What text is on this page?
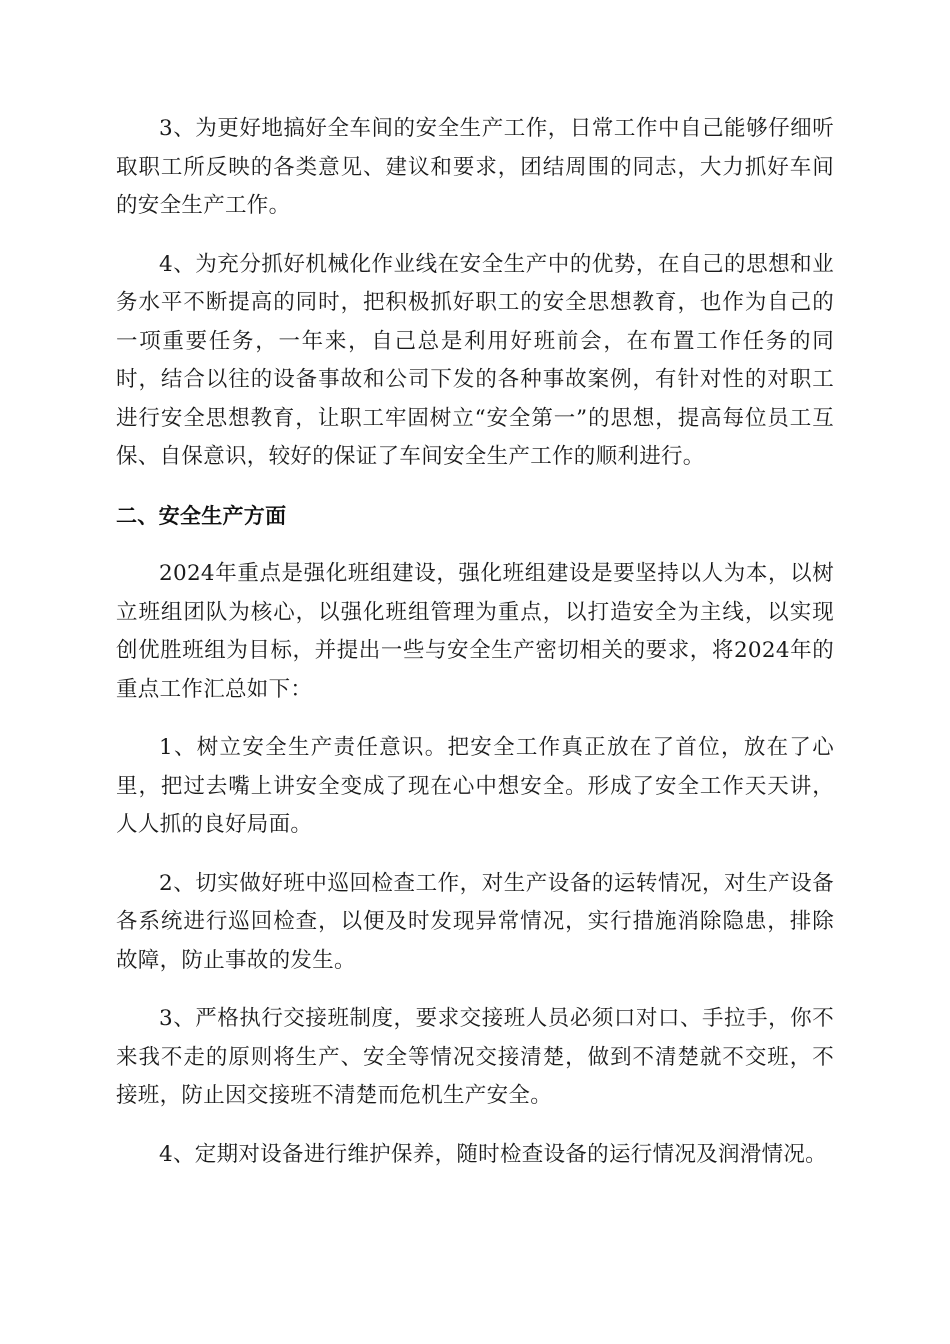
3、为更好地搞好全车间的安全生产工作，日常工作中自己能够仔细听取职工所反映的各类意见、建议和要求，团结周围的同志，大力抓好车间的安全生产工作。

4、为充分抓好机械化作业线在安全生产中的优势，在自己的思想和业务水平不断提高的同时，把积极抓好职工的安全思想教育，也作为自己的一项重要任务，一年来，自己总是利用好班前会，在布置工作任务的同时，结合以往的设备事故和公司下发的各种事故案例，有针对性的对职工进行安全思想教育，让职工牢固树立“安全第一”的思想，提高每位员工互保、自保意识，较好的保证了车间安全生产工作的顺利进行。

二、安全生产方面

2024年重点是强化班组建设，强化班组建设是要坚持以人为本，以树立班组团队为核心，以强化班组管理为重点，以打造安全为主线，以实现创优胜班组为目标，并提出一些与安全生产密切相关的要求，将2024年的重点工作汇总如下：

1、树立安全生产责任意识。把安全工作真正放在了首位，放在了心里，把过去嘴上讲安全变成了现在心中想安全。形成了安全工作天天讲，人人抓的良好局面。

2、切实做好班中巡回检查工作，对生产设备的运转情况，对生产设备各系统进行巡回检查，以便及时发现异常情况，实行措施消除隐患，排除故障，防止事故的发生。

3、严格执行交接班制度，要求交接班人员必须口对口、手拉手，你不来我不走的原则将生产、安全等情况交接清楚，做到不清楚就不交班，不接班，防止因交接班不清楚而危机生产安全。

4、定期对设备进行维护保养，随时检查设备的运行情况及润滑情况。
